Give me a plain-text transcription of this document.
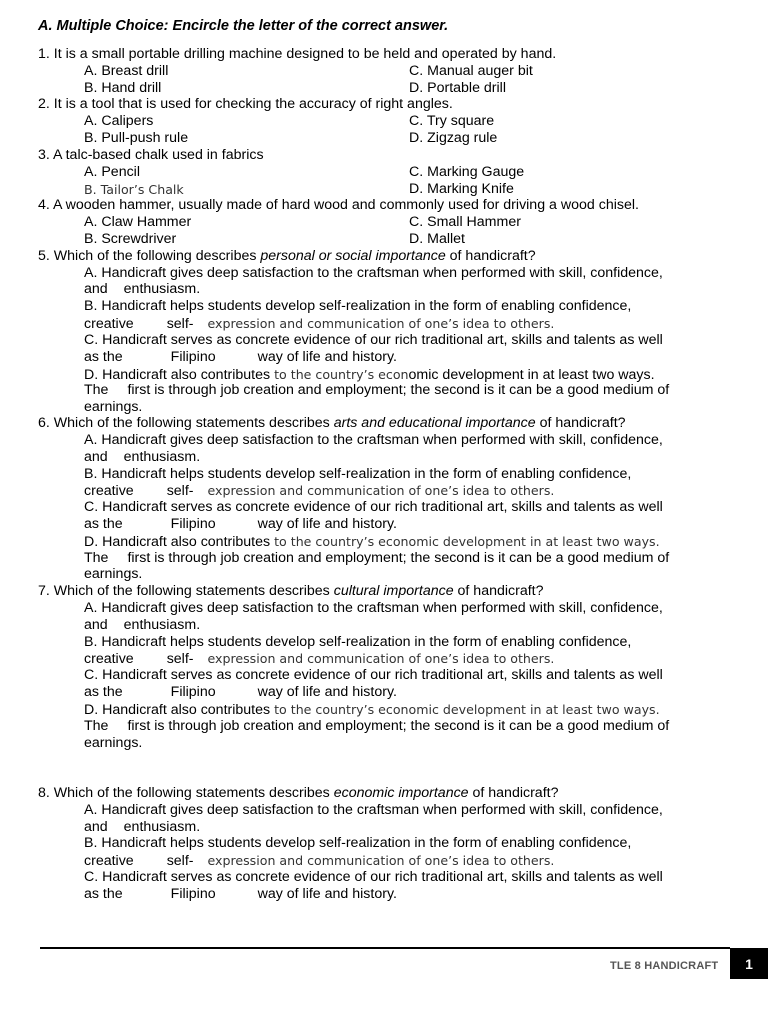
A. Multiple Choice: Encircle the letter of the correct answer.
1. It is a small portable drilling machine designed to be held and operated by hand.
A. Breast drill	C. Manual auger bit
B. Hand drill	D. Portable drill
2. It is a tool that is used for checking the accuracy of right angles.
A. Calipers	C. Try square
B. Pull-push rule	D. Zigzag rule
3. A talc-based chalk used in fabrics
A. Pencil	C. Marking Gauge
B. Tailor’s Chalk	D. Marking Knife
4. A wooden hammer, usually made of hard wood and commonly used for driving a wood chisel.
A. Claw Hammer	C. Small Hammer
B. Screwdriver	D. Mallet
5. Which of the following describes personal or social importance of handicraft?
A. Handicraft gives deep satisfaction to the craftsman when performed with skill, confidence,
and enthusiasm.
B. Handicraft helps students develop self-realization in the form of enabling confidence,
creative self- expression and communication of one’s idea to others.
C. Handicraft serves as concrete evidence of our rich traditional art, skills and talents as well
as the	Filipino	way of life and history.
D. Handicraft also contributes to the country’s economic development in at least two ways.
The first is through job creation and employment; the second is it can be a good medium of
earnings.
6. Which of the following statements describes arts and educational importance of handicraft?
A. Handicraft gives deep satisfaction to the craftsman when performed with skill, confidence,
and enthusiasm.
B. Handicraft helps students develop self-realization in the form of enabling confidence,
creative self- expression and communication of one’s idea to others.
C. Handicraft serves as concrete evidence of our rich traditional art, skills and talents as well
as the	Filipino	way of life and history.
D. Handicraft also contributes to the country’s economic development in at least two ways.
The first is through job creation and employment; the second is it can be a good medium of
earnings.
7. Which of the following statements describes cultural importance of handicraft?
A. Handicraft gives deep satisfaction to the craftsman when performed with skill, confidence,
and enthusiasm.
B. Handicraft helps students develop self-realization in the form of enabling confidence,
creative self- expression and communication of one’s idea to others.
C. Handicraft serves as concrete evidence of our rich traditional art, skills and talents as well
as the	Filipino	way of life and history.
D. Handicraft also contributes to the country’s economic development in at least two ways.
The first is through job creation and employment; the second is it can be a good medium of
earnings.
8. Which of the following statements describes economic importance of handicraft?
A. Handicraft gives deep satisfaction to the craftsman when performed with skill, confidence,
and enthusiasm.
B. Handicraft helps students develop self-realization in the form of enabling confidence,
creative self- expression and communication of one’s idea to others.
C. Handicraft serves as concrete evidence of our rich traditional art, skills and talents as well
as the	Filipino	way of life and history.
TLE 8 HANDICRAFT 1
